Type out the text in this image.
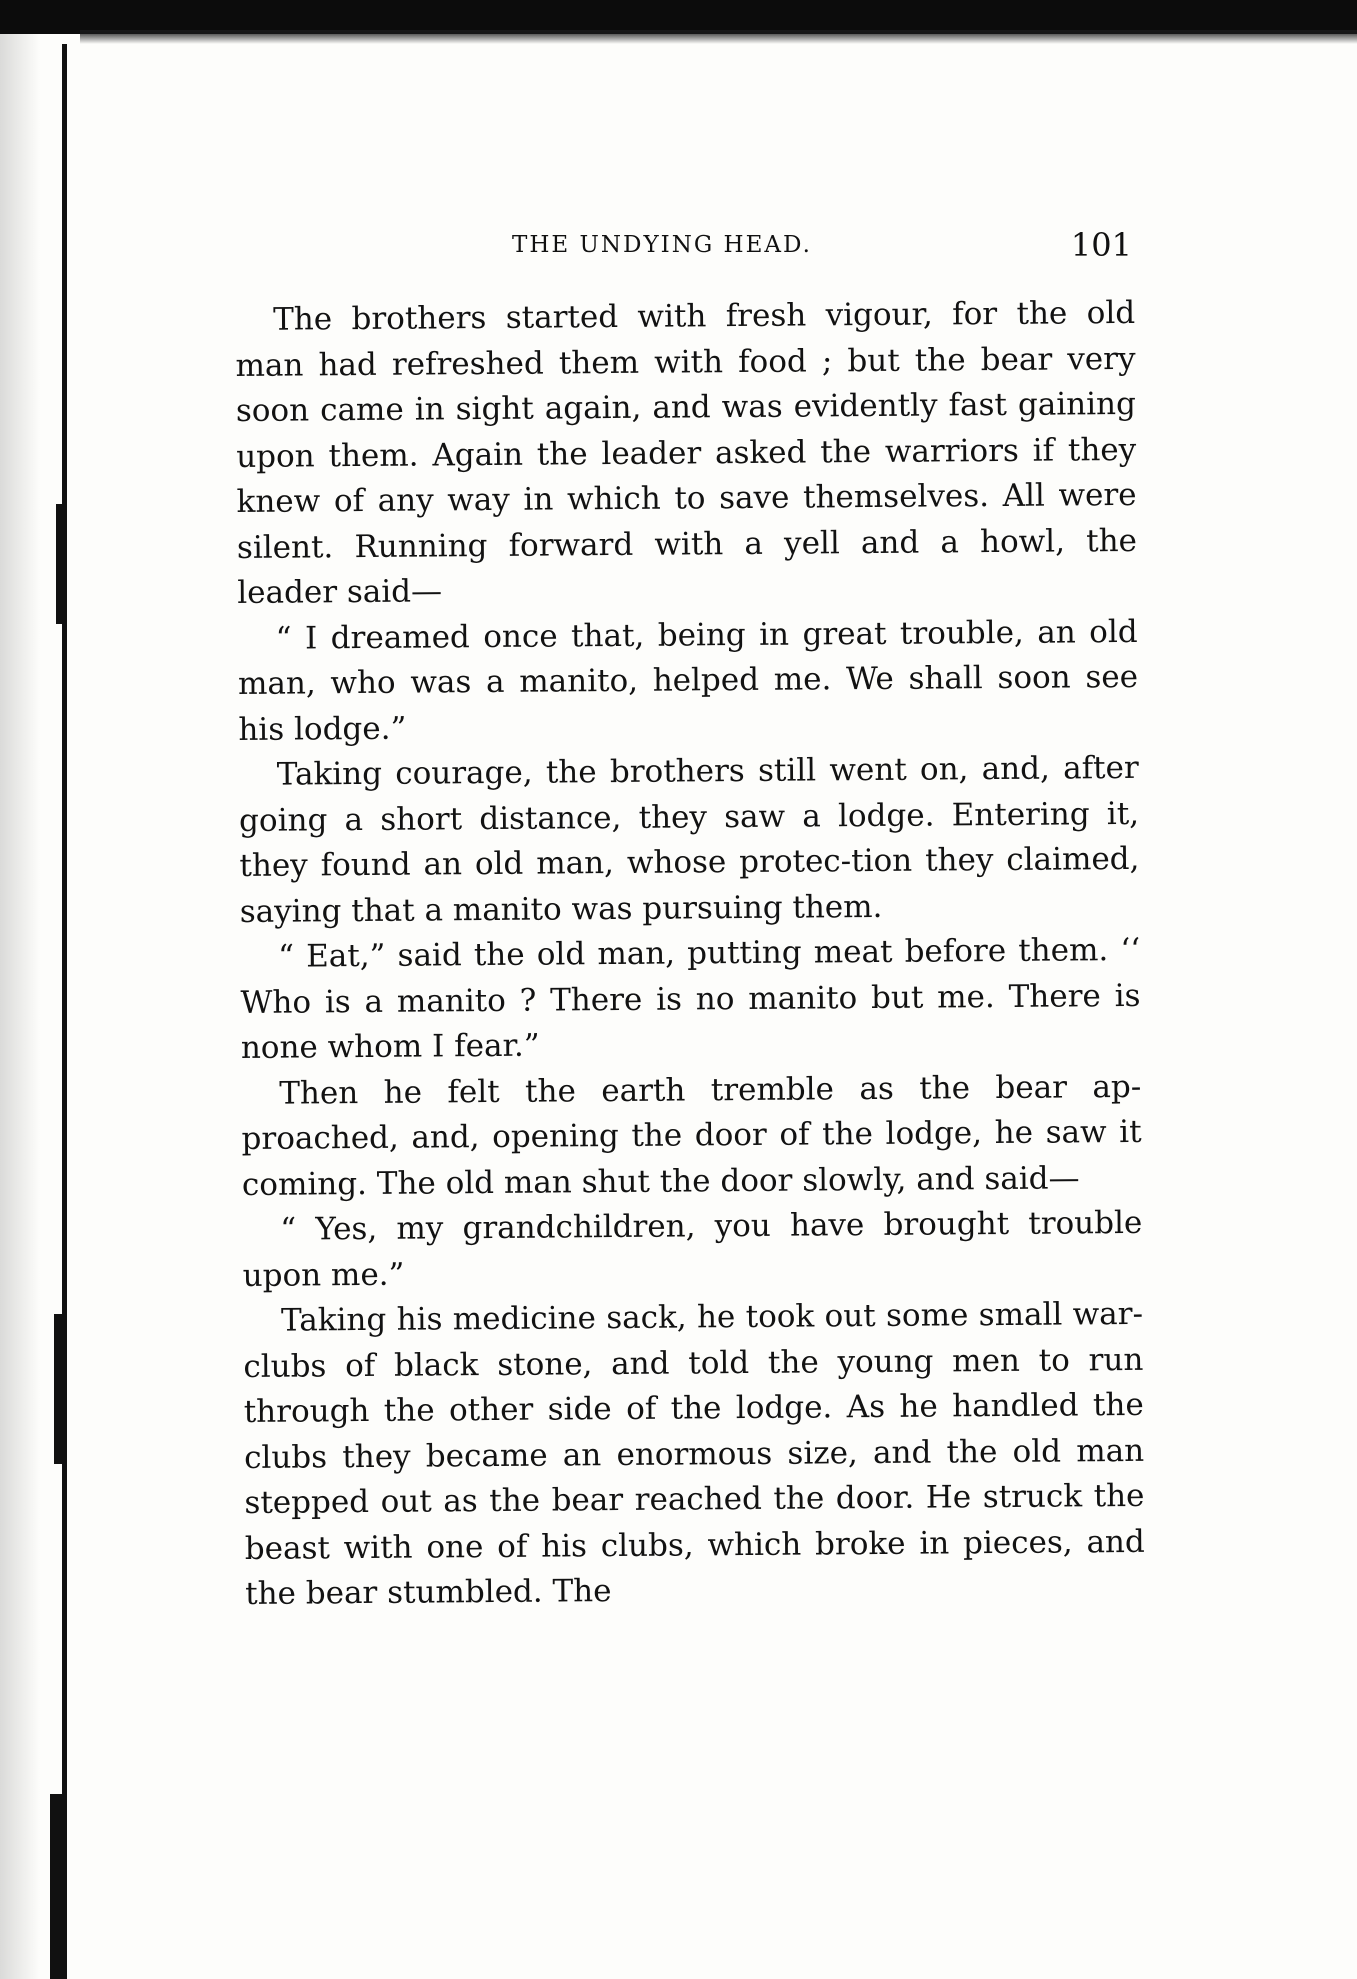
THE UNDYING HEAD.	101

The brothers started with fresh vigour, for the old man had refreshed them with food ; but the bear very soon came in sight again, and was evidently fast gaining upon them. Again the leader asked the warriors if they knew of any way in which to save themselves. All were silent. Running forward with a yell and a howl, the leader said—

“ I dreamed once that, being in great trouble, an old man, who was a manito, helped me. We shall soon see his lodge.”

Taking courage, the brothers still went on, and, after going a short distance, they saw a lodge. Entering it, they found an old man, whose protec-tion they claimed, saying that a manito was pursuing them.

“ Eat,” said the old man, putting meat before them. ‘‘ Who is a manito ? There is no manito but me. There is none whom I fear.”

Then he felt the earth tremble as the bear ap-proached, and, opening the door of the lodge, he saw it coming. The old man shut the door slowly, and said—

“ Yes, my grandchildren, you have brought trouble upon me.”

Taking his medicine sack, he took out some small war-clubs of black stone, and told the young men to run through the other side of the lodge. As he handled the clubs they became an enormous size, and the old man stepped out as the bear reached the door. He struck the beast with one of his clubs, which broke in pieces, and the bear stumbled. The
